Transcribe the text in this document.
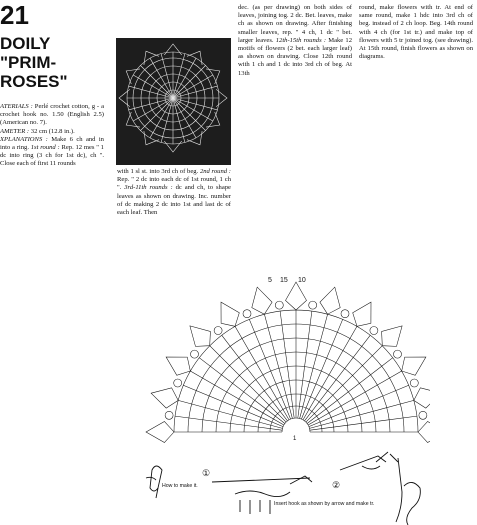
21
DOILY
"PRIM-
ROSES"

ATERIALS : Perlé crochet cotton, g - a crochet hook no. 1.50 (English 2.5) (American no. 7).

AMETER : 32 cm (12.8 in.).

XPLANATIONS : Make 6 ch and in into a ring. 1st round : Rep. 12 mes " 1 dc into ring (3 ch for 1st dc), ch ". Close each of first 11 rounds

with 1 sl st. into 3rd ch of beg. 2nd round : Rep. " 2 dc into each dc of 1st round, 1 ch ". 3rd-11th rounds : dc and ch, to shape leaves as shown on drawing. Inc. number of dc making 2 dc into 1st and last dc of each leaf. Then

dec. (as per drawing) on both sides of leaves, joining tog. 2 dc. Bet. leaves, make ch as shown on drawing. After finishing smaller leaves, rep. " 4 ch, 1 dc " bet. larger leaves. 12th-15th rounds : Make 12 motifs of flowers (2 bet. each larger leaf) as shown on drawing. Close 12th round with 1 ch and 1 dc into 3rd ch of beg. At 13th

round, make flowers with tr. At end of same round, make 1 hdc into 3rd ch of beg. instead of 2 ch loop. Beg. 14th round with 4 ch (for 1st tr.) and make top of flowers with 5 tr joined tog. (see drawing). At 15th round, finish flowers as shown on diagrams.

5 15 10
1
①
②
How to make it.
Insert hook as shown by arrow and make tr.
